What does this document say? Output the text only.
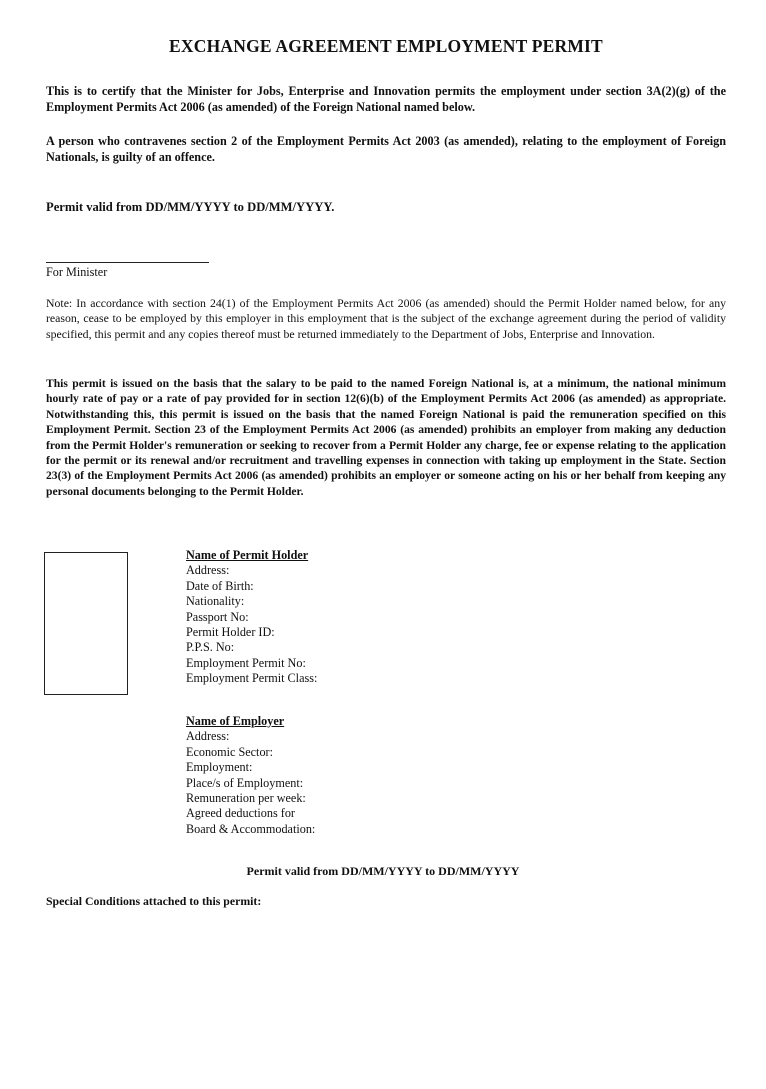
EXCHANGE AGREEMENT EMPLOYMENT PERMIT

This is to certify that the Minister for Jobs, Enterprise and Innovation permits the employment under section 3A(2)(g) of the Employment Permits Act 2006 (as amended) of the Foreign National named below.

A person who contravenes section 2 of the Employment Permits Act 2003 (as amended), relating to the employment of Foreign Nationals, is guilty of an offence.

Permit valid from DD/MM/YYYY to DD/MM/YYYY.

For Minister

Note: In accordance with section 24(1) of the Employment Permits Act 2006 (as amended) should the Permit Holder named below, for any reason, cease to be employed by this employer in this employment that is the subject of the exchange agreement during the period of validity specified, this permit and any copies thereof must be returned immediately to the Department of Jobs, Enterprise and Innovation.

This permit is issued on the basis that the salary to be paid to the named Foreign National is, at a minimum, the national minimum hourly rate of pay or a rate of pay provided for in section 12(6)(b) of the Employment Permits Act 2006 (as amended) as appropriate. Notwithstanding this, this permit is issued on the basis that the named Foreign National is paid the remuneration specified on this Employment Permit. Section 23 of the Employment Permits Act 2006 (as amended) prohibits an employer from making any deduction from the Permit Holder's remuneration or seeking to recover from a Permit Holder any charge, fee or expense relating to the application for the permit or its renewal and/or recruitment and travelling expenses in connection with taking up employment in the State. Section 23(3) of the Employment Permits Act 2006 (as amended) prohibits an employer or someone acting on his or her behalf from keeping any personal documents belonging to the Permit Holder.

Name of Permit Holder
Address:
Date of Birth:
Nationality:
Passport No:
Permit Holder ID:
P.P.S. No:
Employment Permit No:
Employment Permit Class:
Name of Employer
Address:
Economic Sector:
Employment:
Place/s of Employment:
Remuneration per week:
Agreed deductions for
Board & Accommodation:
Permit valid from DD/MM/YYYY to DD/MM/YYYY
Special Conditions attached to this permit:
